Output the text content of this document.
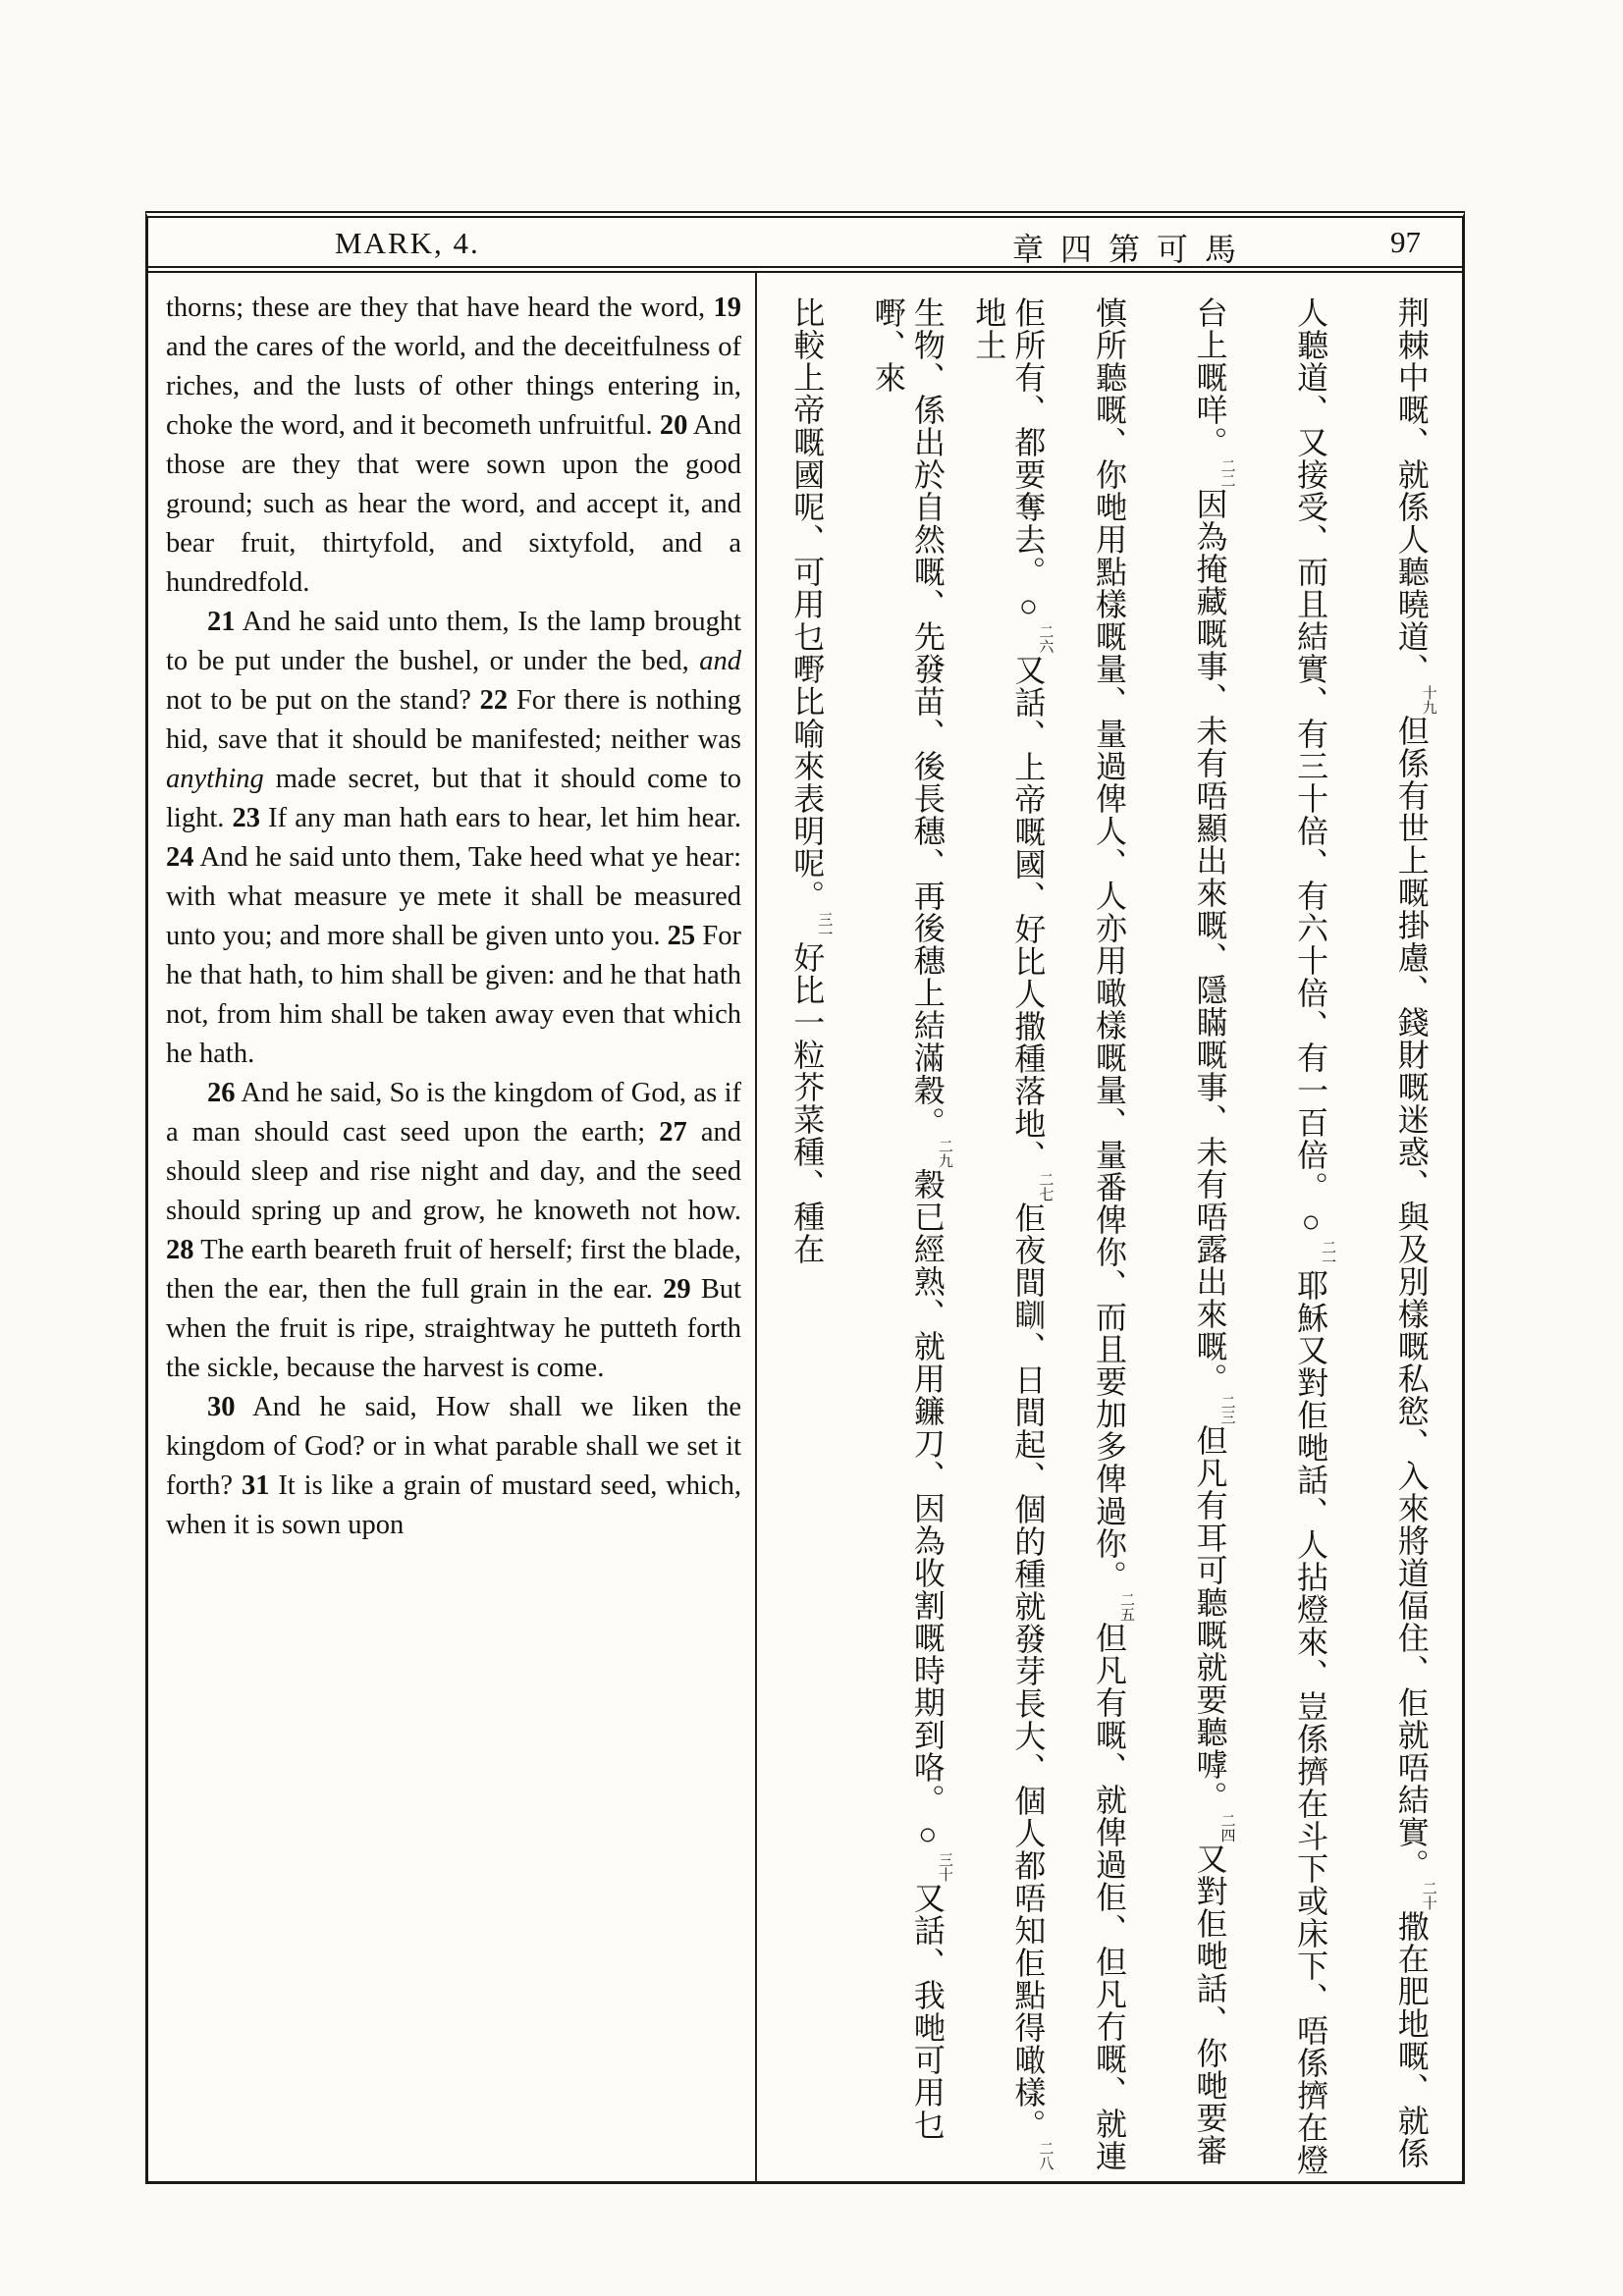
MARK, 4.	章四第可馬	97

thorns; these are they that have heard the word, 19 and the cares of the world, and the deceitfulness of riches, and the lusts of other things entering in, choke the word, and it becometh unfruitful. 20 And those are they that were sown upon the good ground; such as hear the word, and accept it, and bear fruit, thirtyfold, and sixtyfold, and a hundredfold.

21 And he said unto them, Is the lamp brought to be put under the bushel, or under the bed, and not to be put on the stand? 22 For there is nothing hid, save that it should be manifested; neither was anything made secret, but that it should come to light. 23 If any man hath ears to hear, let him hear. 24 And he said unto them, Take heed what ye hear: with what measure ye mete it shall be measured unto you; and more shall be given unto you. 25 For he that hath, to him shall be given: and he that hath not, from him shall be taken away even that which he hath.

26 And he said, So is the kingdom of God, as if a man should cast seed upon the earth; 27 and should sleep and rise night and day, and the seed should spring up and grow, he knoweth not how. 28 The earth beareth fruit of herself; first the blade, then the ear, then the full grain in the ear. 29 But when the fruit is ripe, straightway he putteth forth the sickle, because the harvest is come.

30 And he said, How shall we liken the kingdom of God? or in what parable shall we set it forth? 31 It is like a grain of mustard seed, which, when it is sown upon

荆棘中嘅、就係人聽曉道、十九但係有世上嘅掛慮、錢財嘅迷惑、與及別樣嘅私慾、入來將道偪住、佢就唔結實。二十撒在肥地嘅、就係
人聽道、又接受、而且結實、有三十倍、有六十倍、有一百倍。○二一耶穌又對佢哋話、人拈燈來、豈係擠在斗下或床下、唔係擠在燈
台上嘅咩。二二因為掩藏嘅事、未有唔顯出來嘅、隱瞞嘅事、未有唔露出來嘅。二三但凡有耳可聽嘅就要聽嘑。二四又對佢哋話、你哋要審
慎所聽嘅、你哋用點樣嘅量、量過俾人、人亦用噉樣嘅量、量番俾你、而且要加多俾過你。二五但凡有嘅、就俾過佢、但凡冇嘅、就連
佢所有、都要奪去。○二六又話、上帝嘅國、好比人撒種落地、二七佢夜間瞓、日間起、個的種就發芽長大、個人都唔知佢點得噉樣。二八地土
生物、係出於自然嘅、先發苗、後長穗、再後穗上結滿穀。二九穀已經熟、就用鐮刀、因為收割嘅時期到咯。○三十又話、我哋可用乜嘢、來
比較上帝嘅國呢、可用乜嘢比喻來表明呢。三一好比一粒芥菜種、種在
